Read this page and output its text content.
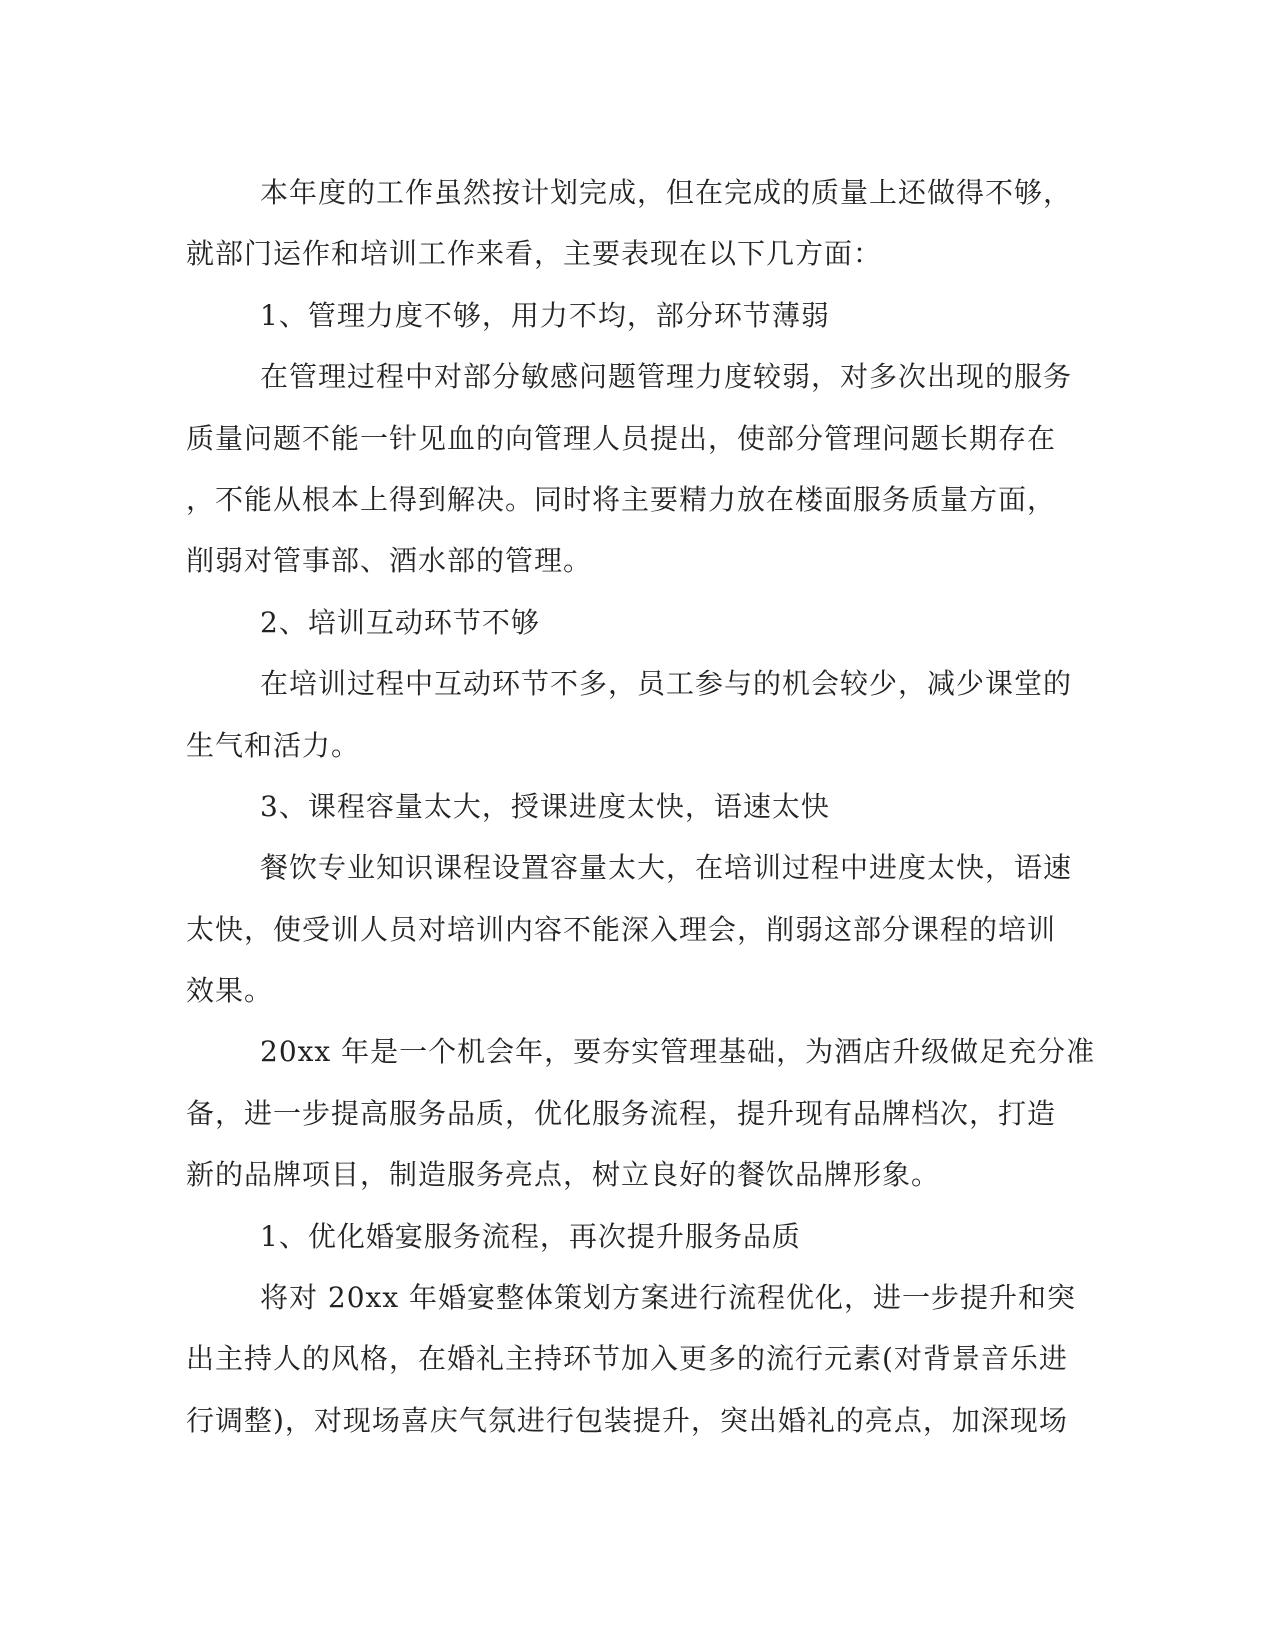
本年度的工作虽然按计划完成，但在完成的质量上还做得不够，
就部门运作和培训工作来看，主要表现在以下几方面：
1、管理力度不够，用力不均，部分环节薄弱
在管理过程中对部分敏感问题管理力度较弱，对多次出现的服务
质量问题不能一针见血的向管理人员提出，使部分管理问题长期存在
，不能从根本上得到解决。同时将主要精力放在楼面服务质量方面，
削弱对管事部、酒水部的管理。
2、培训互动环节不够
在培训过程中互动环节不多，员工参与的机会较少，减少课堂的
生气和活力。
3、课程容量太大，授课进度太快，语速太快
餐饮专业知识课程设置容量太大，在培训过程中进度太快，语速
太快，使受训人员对培训内容不能深入理会，削弱这部分课程的培训
效果。
20xx 年是一个机会年，要夯实管理基础，为酒店升级做足充分准
备，进一步提高服务品质，优化服务流程，提升现有品牌档次，打造
新的品牌项目，制造服务亮点，树立良好的餐饮品牌形象。
1、优化婚宴服务流程，再次提升服务品质
将对 20xx 年婚宴整体策划方案进行流程优化，进一步提升和突
出主持人的风格，在婚礼主持环节加入更多的流行元素(对背景音乐进
行调整)，对现场喜庆气氛进行包装提升，突出婚礼的亮点，加深现场
